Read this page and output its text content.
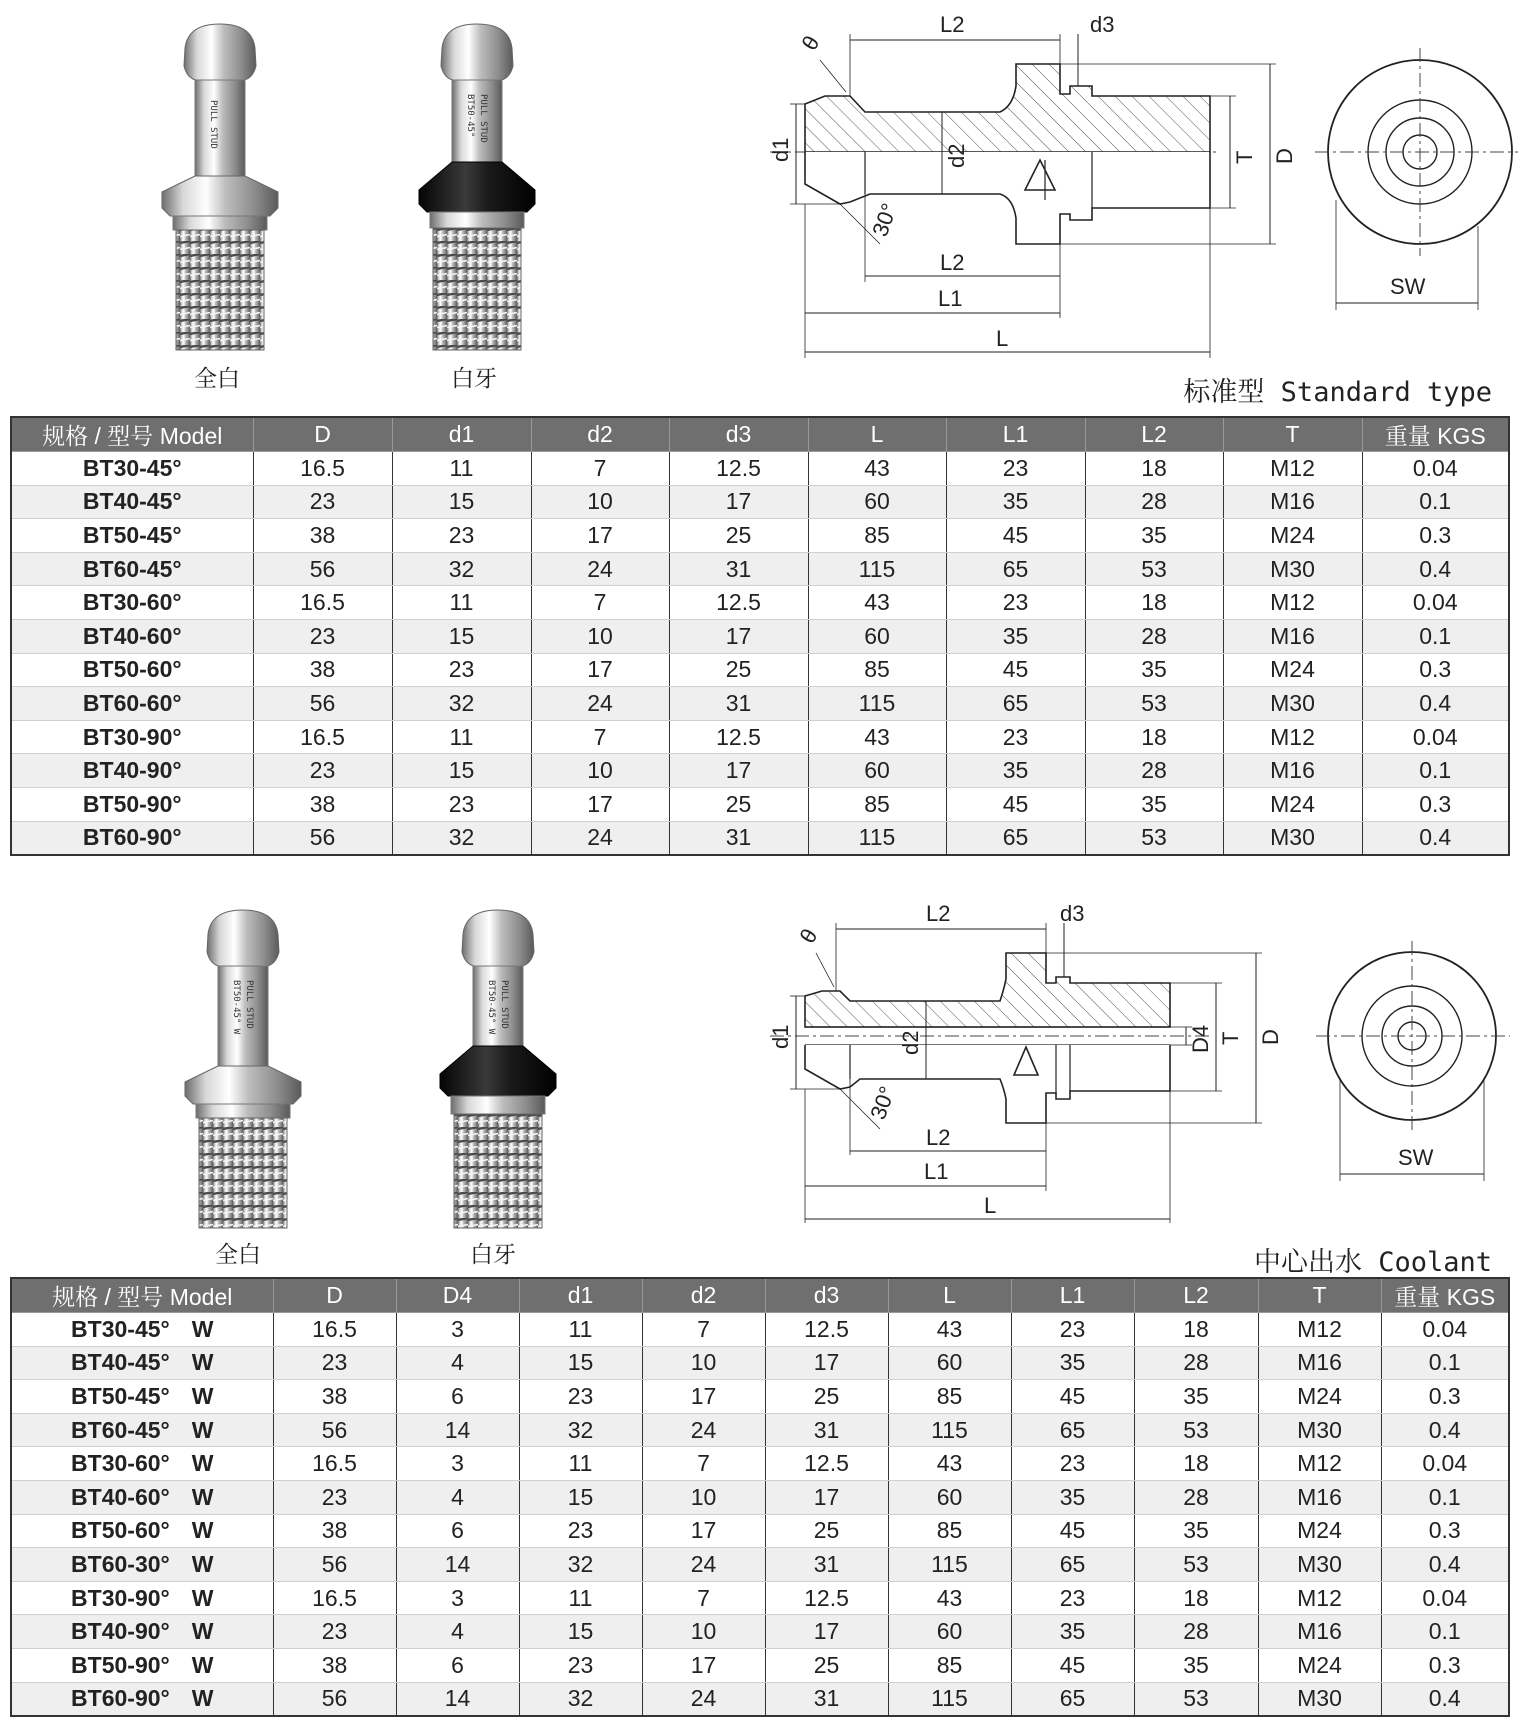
PULL STUD
全白
BT50-45° PULL STUD
白牙
L2	d3
θ
d1	d2	T D
30°
L2
L1
L
SW
标准型 Standard type
规格 / 型号 Model	D	d1	d2	d3	L	L1	L2	T	重量 KGS
BT30-45°	16.5	11	7	12.5	43	23	18	M12	0.04
BT40-45°	23	15	10	17	60	35	28	M16	0.1
BT50-45°	38	23	17	25	85	45	35	M24	0.3
BT60-45°	56	32	24	31	115	65	53	M30	0.4
BT30-60°	16.5	11	7	12.5	43	23	18	M12	0.04
BT40-60°	23	15	10	17	60	35	28	M16	0.1
BT50-60°	38	23	17	25	85	45	35	M24	0.3
BT60-60°	56	32	24	31	115	65	53	M30	0.4
BT30-90°	16.5	11	7	12.5	43	23	18	M12	0.04
BT40-90°	23	15	10	17	60	35	28	M16	0.1
BT50-90°	38	23	17	25	85	45	35	M24	0.3
BT60-90°	56	32	24	31	115	65	53	M30	0.4
BT50-45° W PULL STUD
全白
BT50-45° W PULL STUD
白牙
L2	d3
θ
d1	d2	D4 T D
30°
L2
L1
L
SW
中心出水 Coolant
规格 / 型号 Model	D	D4	d1	d2	d3	L	L1	L2	T	重量 KGS
BT30-45° W	16.5	3	11	7	12.5	43	23	18	M12	0.04
BT40-45° W	23	4	15	10	17	60	35	28	M16	0.1
BT50-45° W	38	6	23	17	25	85	45	35	M24	0.3
BT60-45° W	56	14	32	24	31	115	65	53	M30	0.4
BT30-60° W	16.5	3	11	7	12.5	43	23	18	M12	0.04
BT40-60° W	23	4	15	10	17	60	35	28	M16	0.1
BT50-60° W	38	6	23	17	25	85	45	35	M24	0.3
BT60-30° W	56	14	32	24	31	115	65	53	M30	0.4
BT30-90° W	16.5	3	11	7	12.5	43	23	18	M12	0.04
BT40-90° W	23	4	15	10	17	60	35	28	M16	0.1
BT50-90° W	38	6	23	17	25	85	45	35	M24	0.3
BT60-90° W	56	14	32	24	31	115	65	53	M30	0.4
